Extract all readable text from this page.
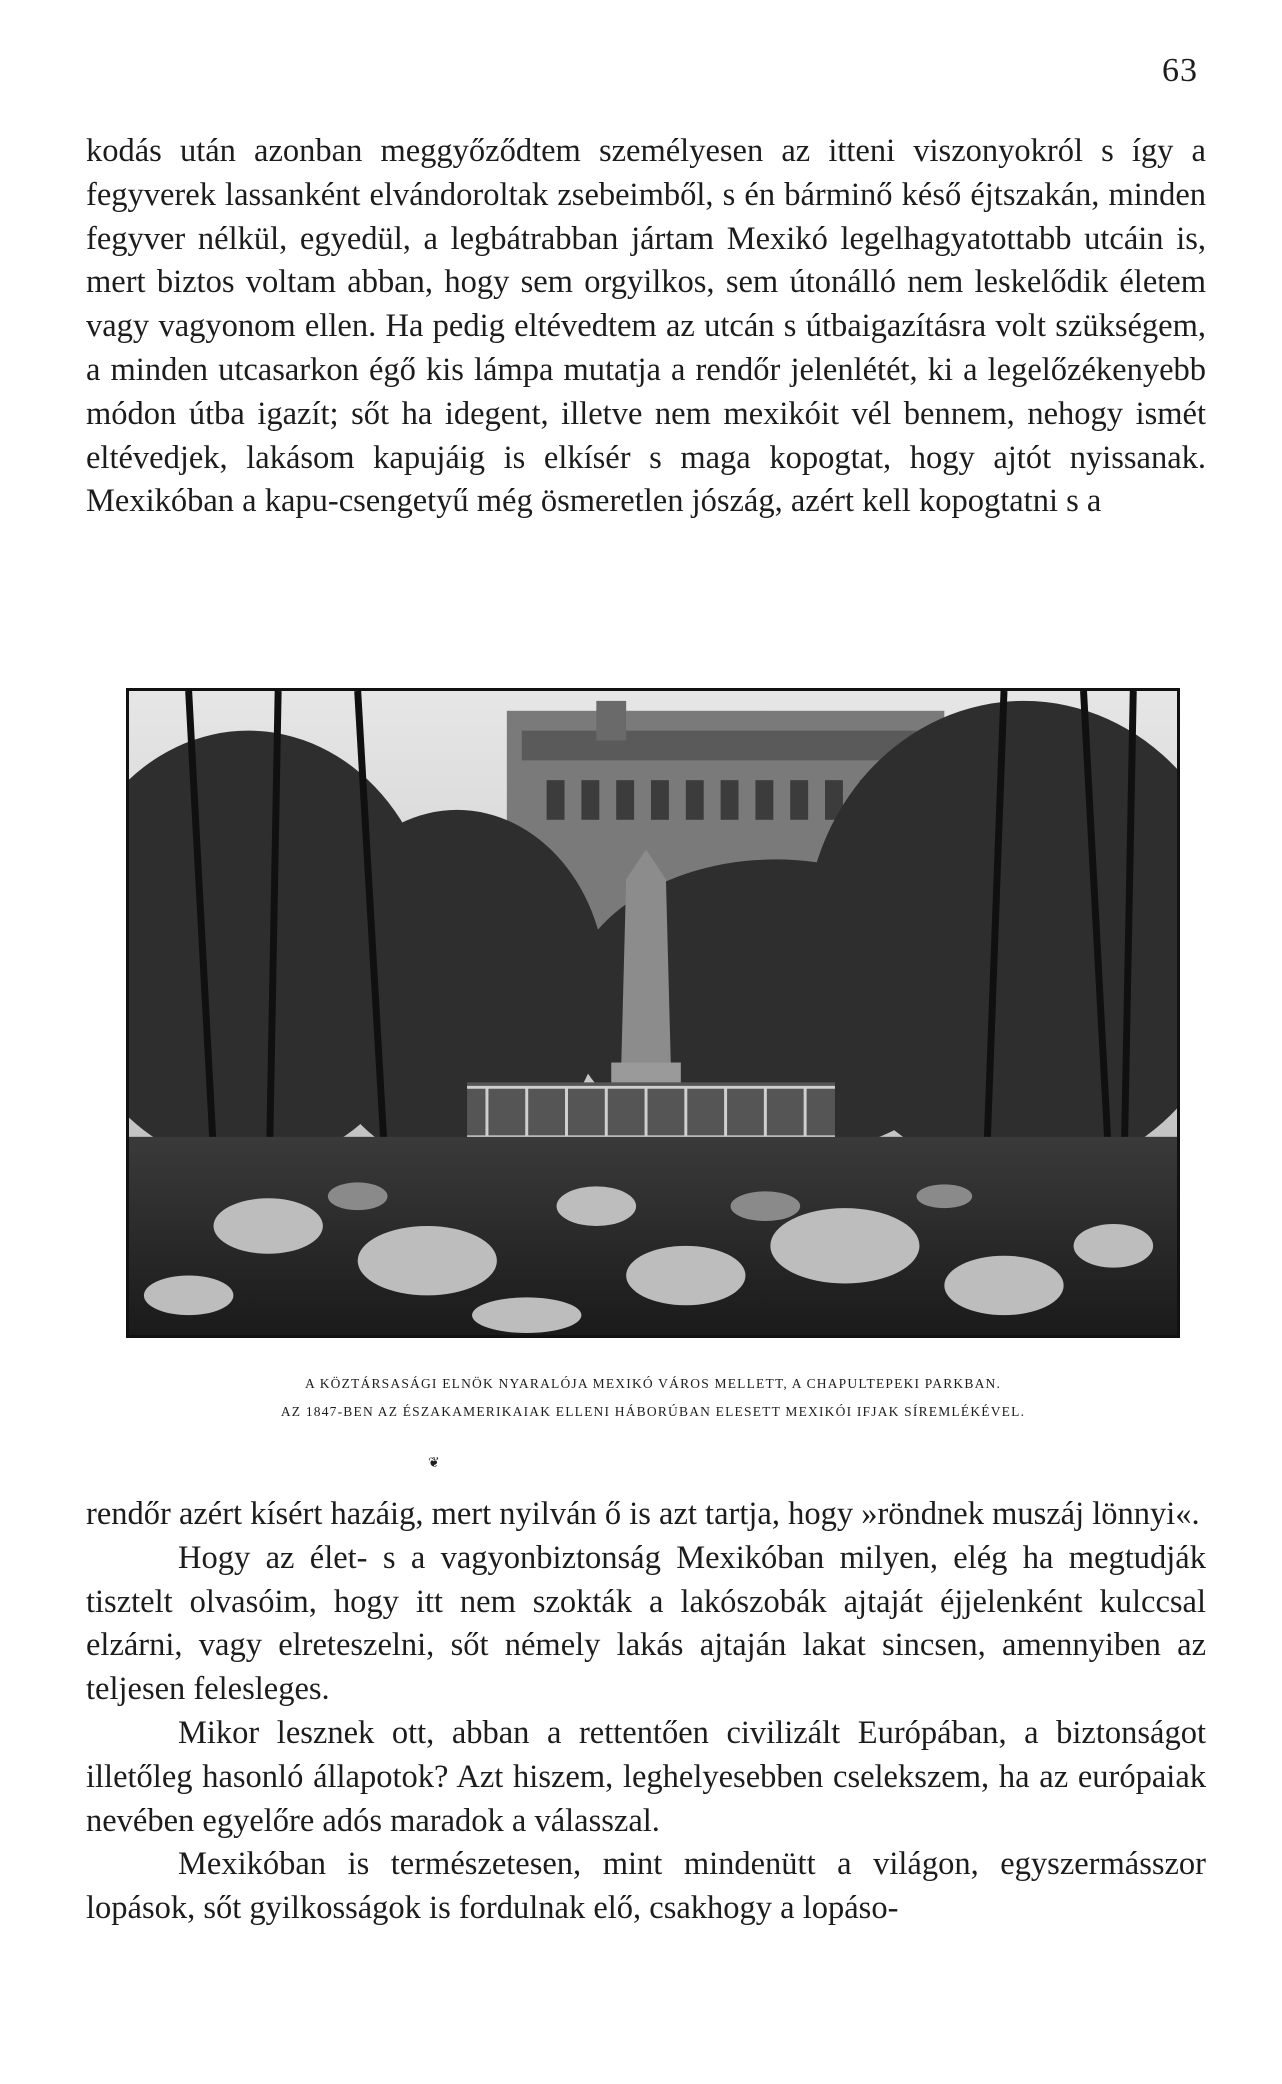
63

kodás után azonban meggyőződtem személyesen az itteni viszonyokról s így a fegyverek lassanként elvándoroltak zsebeimből, s én bárminő késő éjtszakán, minden fegyver nélkül, egyedül, a legbátrabban jártam Mexikó legelhagyatottabb utcáin is, mert biztos voltam abban, hogy sem orgyilkos, sem útonálló nem leskelődik életem vagy vagyonom ellen. Ha pedig eltévedtem az utcán s útbaigazításra volt szükségem, a minden utcasarkon égő kis lámpa mutatja a rendőr jelenlétét, ki a legelőzékenyebb módon útba igazít; sőt ha idegent, illetve nem mexikóit vél bennem, nehogy ismét eltévedjek, lakásom kapujáig is elkísér s maga kopogtat, hogy ajtót nyissanak. Mexikóban a kapu-csengetyű még ösmeretlen jószág, azért kell kopogtatni s a

A KÖZTÁRSASÁGI ELNÖK NYARALÓJA MEXIKÓ VÁROS MELLETT, A CHAPULTEPEKI PARKBAN.
AZ 1847-BEN AZ ÉSZAKAMERIKAIAK ELLENI HÁBORÚBAN ELESETT MEXIKÓI IFJAK SÍREMLÉKÉVEL.
❦

rendőr azért kísért hazáig, mert nyilván ő is azt tartja, hogy »röndnek muszáj lönnyi«.

Hogy az élet- s a vagyonbiztonság Mexikóban milyen, elég ha megtudják tisztelt olvasóim, hogy itt nem szokták a lakószobák ajtaját éjjelenként kulccsal elzárni, vagy elreteszelni, sőt némely lakás ajtaján lakat sincsen, amennyiben az teljesen felesleges.

Mikor lesznek ott, abban a rettentően civilizált Európában, a biztonságot illetőleg hasonló állapotok? Azt hiszem, leghelyesebben cselekszem, ha az európaiak nevében egyelőre adós maradok a válasszal.

Mexikóban is természetesen, mint mindenütt a világon, egyszermásszor lopások, sőt gyilkosságok is fordulnak elő, csakhogy a lopáso-
